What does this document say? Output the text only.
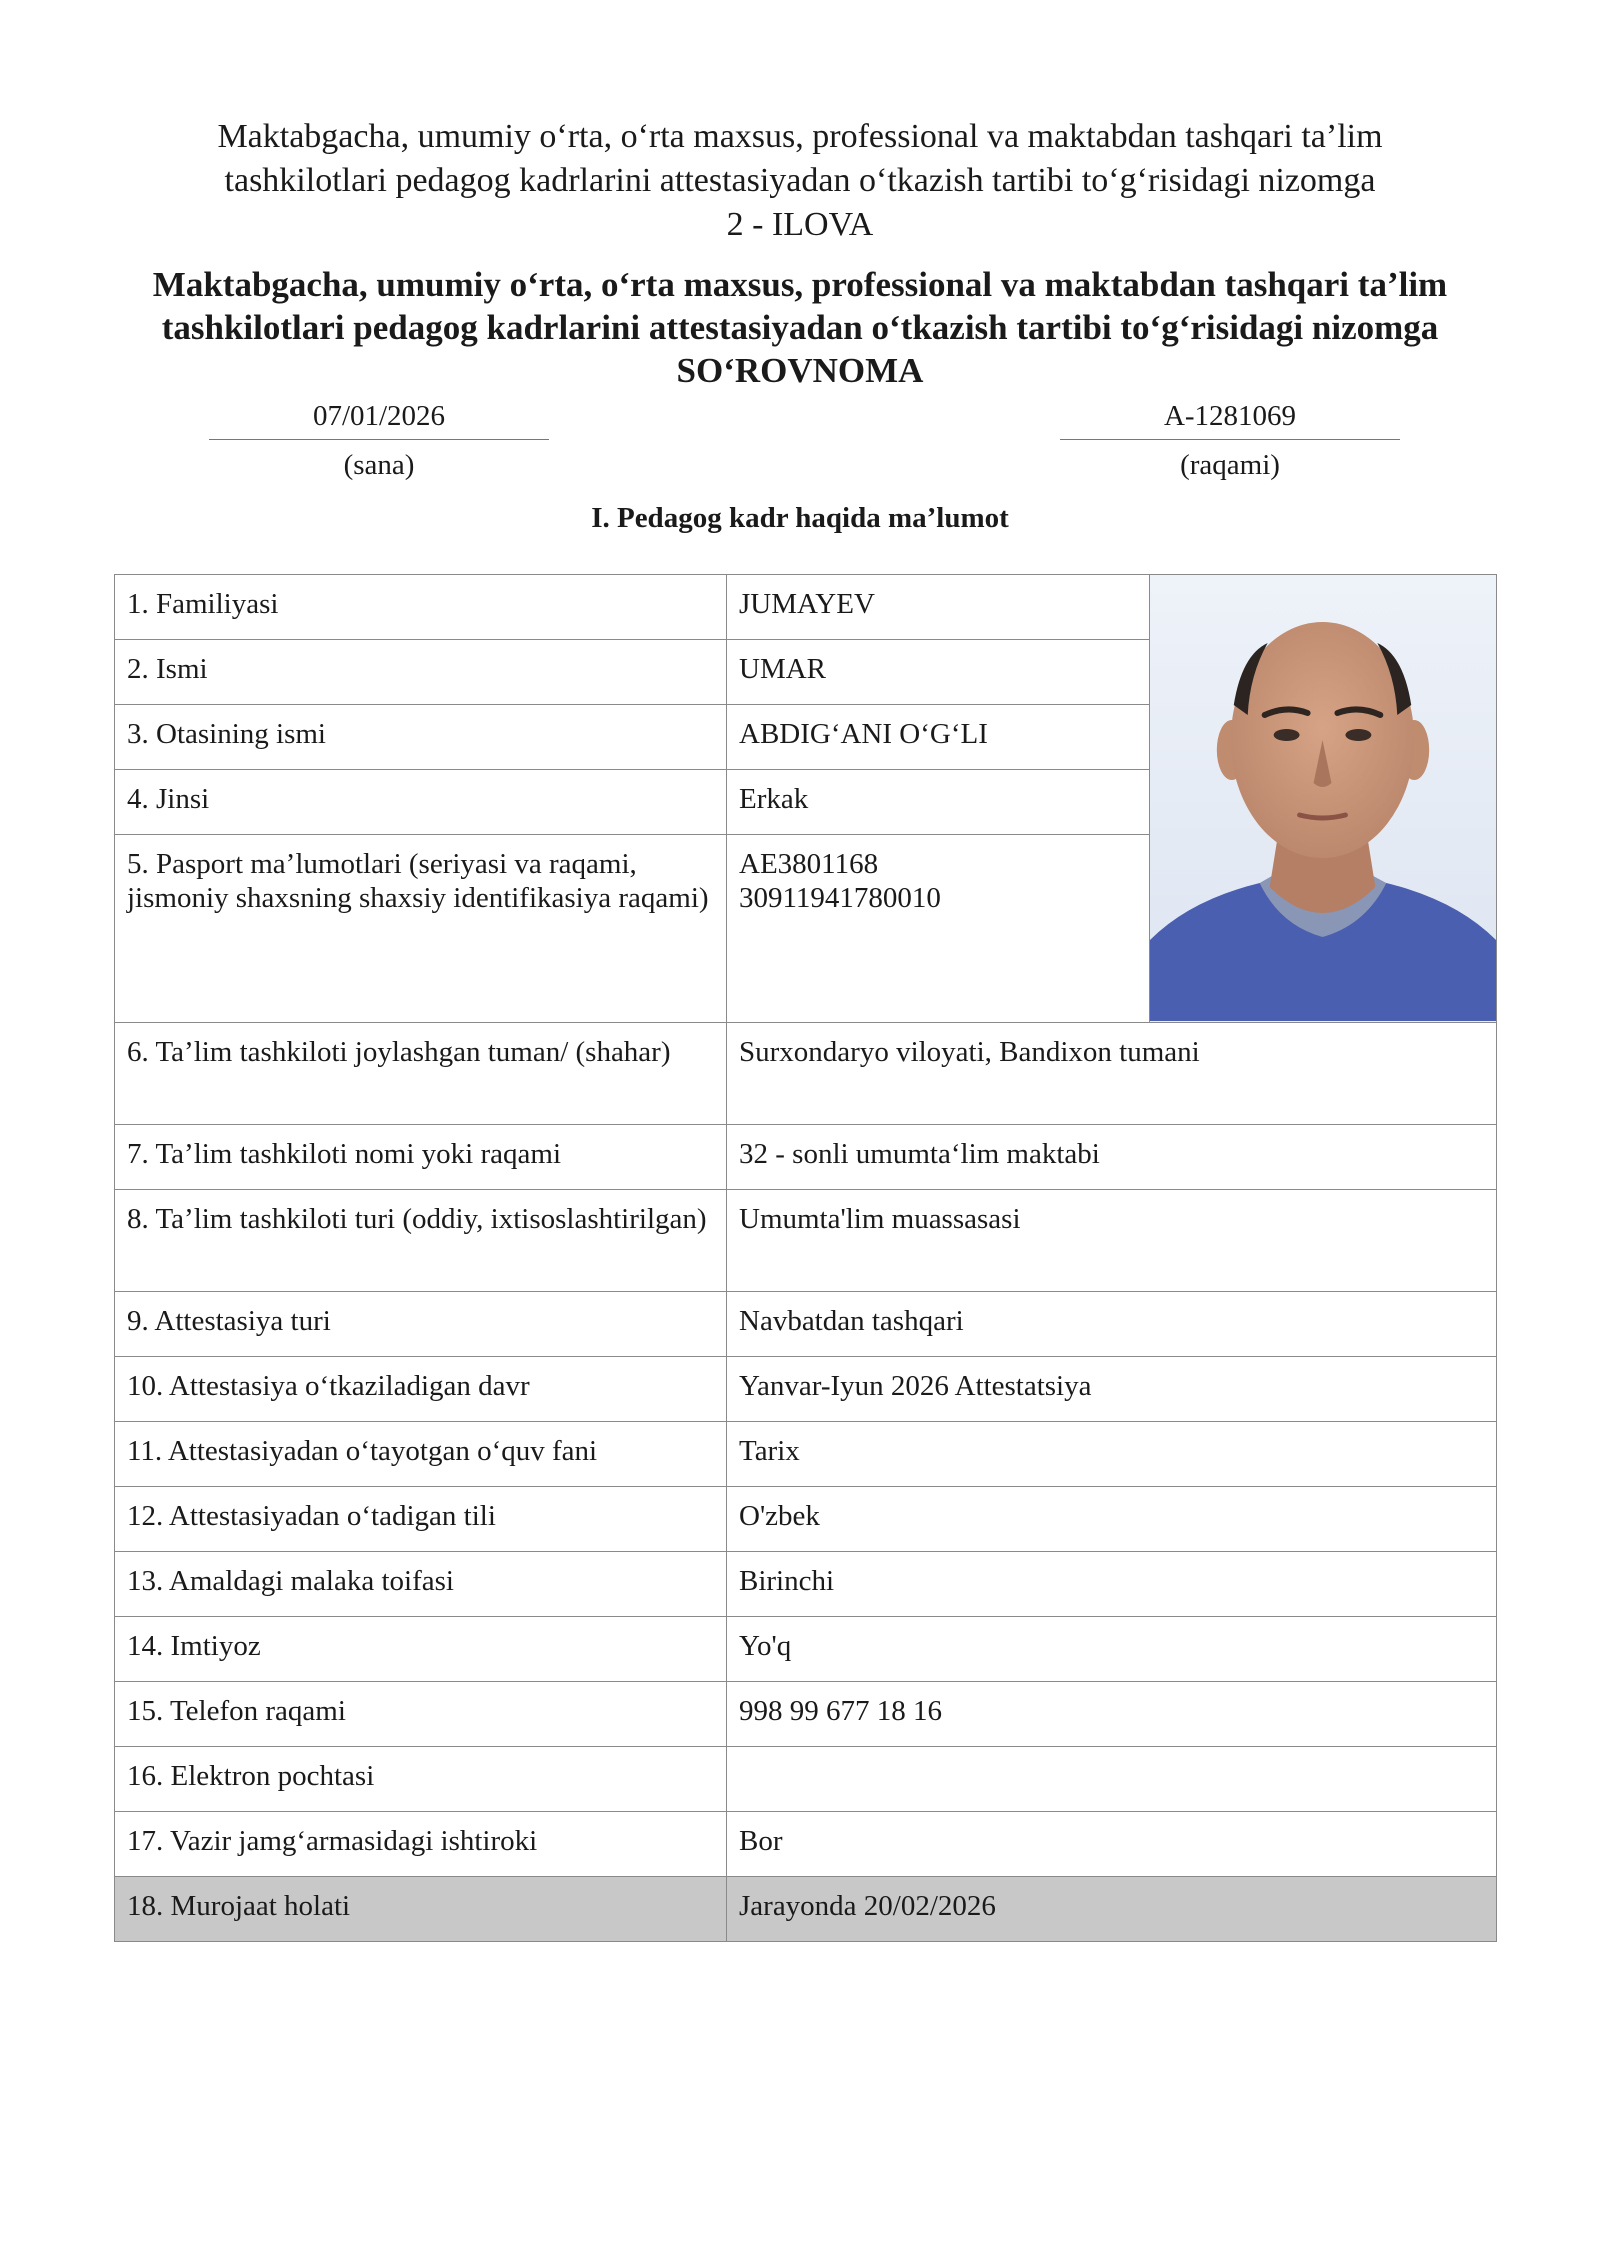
Maktabgacha, umumiy o‘rta, o‘rta maxsus, professional va maktabdan tashqari ta’lim
tashkilotlari pedagog kadrlarini attestasiyadan o‘tkazish tartibi to‘g‘risidagi nizomga
2 - ILOVA
Maktabgacha, umumiy o‘rta, o‘rta maxsus, professional va maktabdan tashqari ta’lim
tashkilotlari pedagog kadrlarini attestasiyadan o‘tkazish tartibi to‘g‘risidagi nizomga
SO‘ROVNOMA
07/01/2026
(sana)
A-1281069
(raqami)
I. Pedagog kadr haqida ma’lumot
1. Familiyasi	JUMAYEV	

2. Ismi	UMAR	
3. Otasining ismi	ABDIG‘ANI O‘G‘LI	
4. Jinsi	Erkak	
5. Pasport ma’lumotlari (seriyasi va raqami, jismoniy shaxsning shaxsiy identifikasiya raqami)	AE3801168
30911941780010	

6. Ta’lim tashkiloti joylashgan tuman/ (shahar)	Surxondaryo viloyati, Bandixon tumani	
7. Ta’lim tashkiloti nomi yoki raqami	32 - sonli umumta‘lim maktabi	
8. Ta’lim tashkiloti turi (oddiy, ixtisoslashtirilgan)	Umumta'lim muassasasi	
9. Attestasiya turi	Navbatdan tashqari	
10. Attestasiya o‘tkaziladigan davr	Yanvar-Iyun 2026 Attestatsiya	
11. Attestasiyadan o‘tayotgan o‘quv fani	Tarix	
12. Attestasiyadan o‘tadigan tili	O'zbek	
13. Amaldagi malaka toifasi	Birinchi	
14. Imtiyoz	Yo'q	
15. Telefon raqami	998 99 677 18 16	
16. Elektron pochtasi		
17. Vazir jamg‘armasidagi ishtiroki	Bor	
18. Murojaat holati	Jarayonda 20/02/2026	
